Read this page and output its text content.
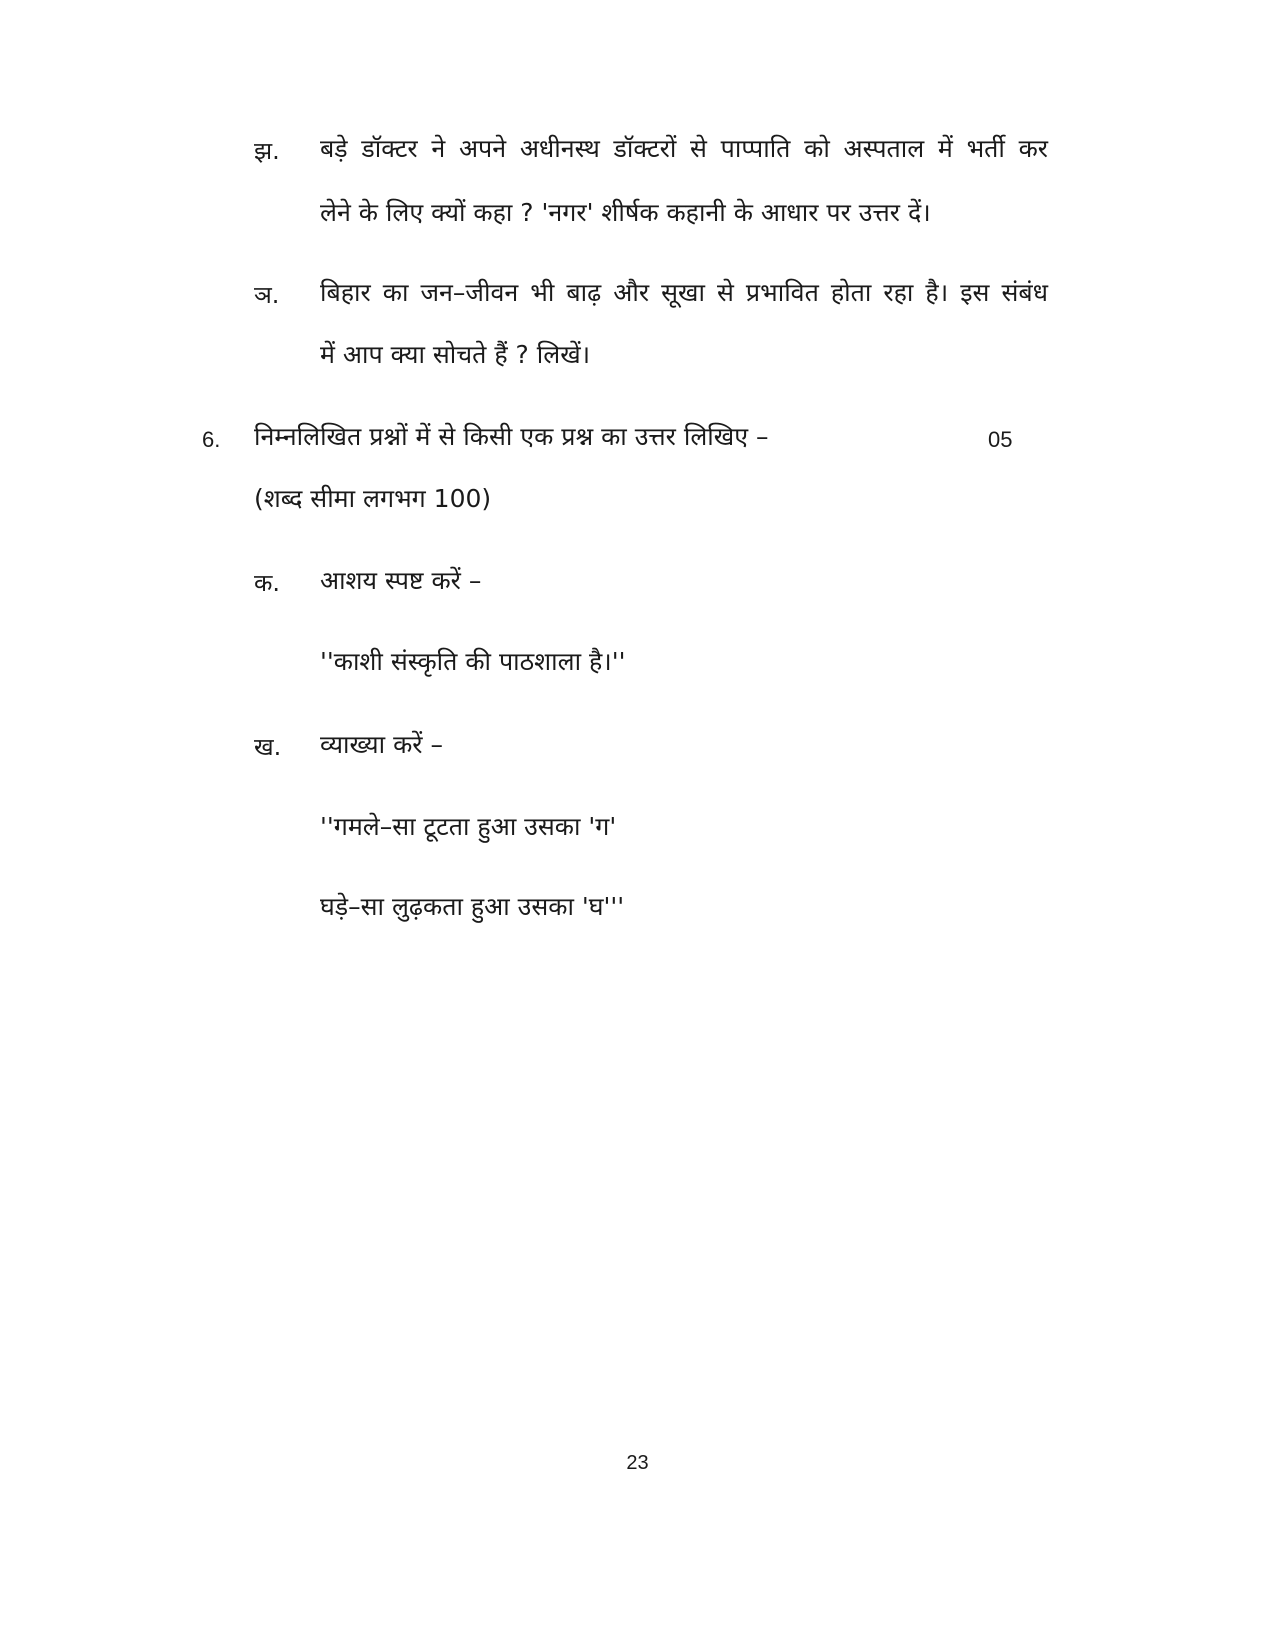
झ. बड़े डॉक्टर ने अपने अधीनस्थ डॉक्टरों से पाप्पाति को अस्पताल में भर्ती कर
लेने के लिए क्यों कहा ? 'नगर' शीर्षक कहानी के आधार पर उत्तर दें।
ञ. बिहार का जन–जीवन भी बाढ़ और सूखा से प्रभावित होता रहा है। इस संबंध
में आप क्या सोचते हैं ? लिखें।
6. निम्नलिखित प्रश्नों में से किसी एक प्रश्न का उत्तर लिखिए –	05
(शब्द सीमा लगभग 100)
क. आशय स्पष्ट करें –
''काशी संस्कृति की पाठशाला है।''
ख. व्याख्या करें –
''गमले–सा टूटता हुआ उसका 'ग'
घड़े–सा लुढ़कता हुआ उसका 'घ'''
23
